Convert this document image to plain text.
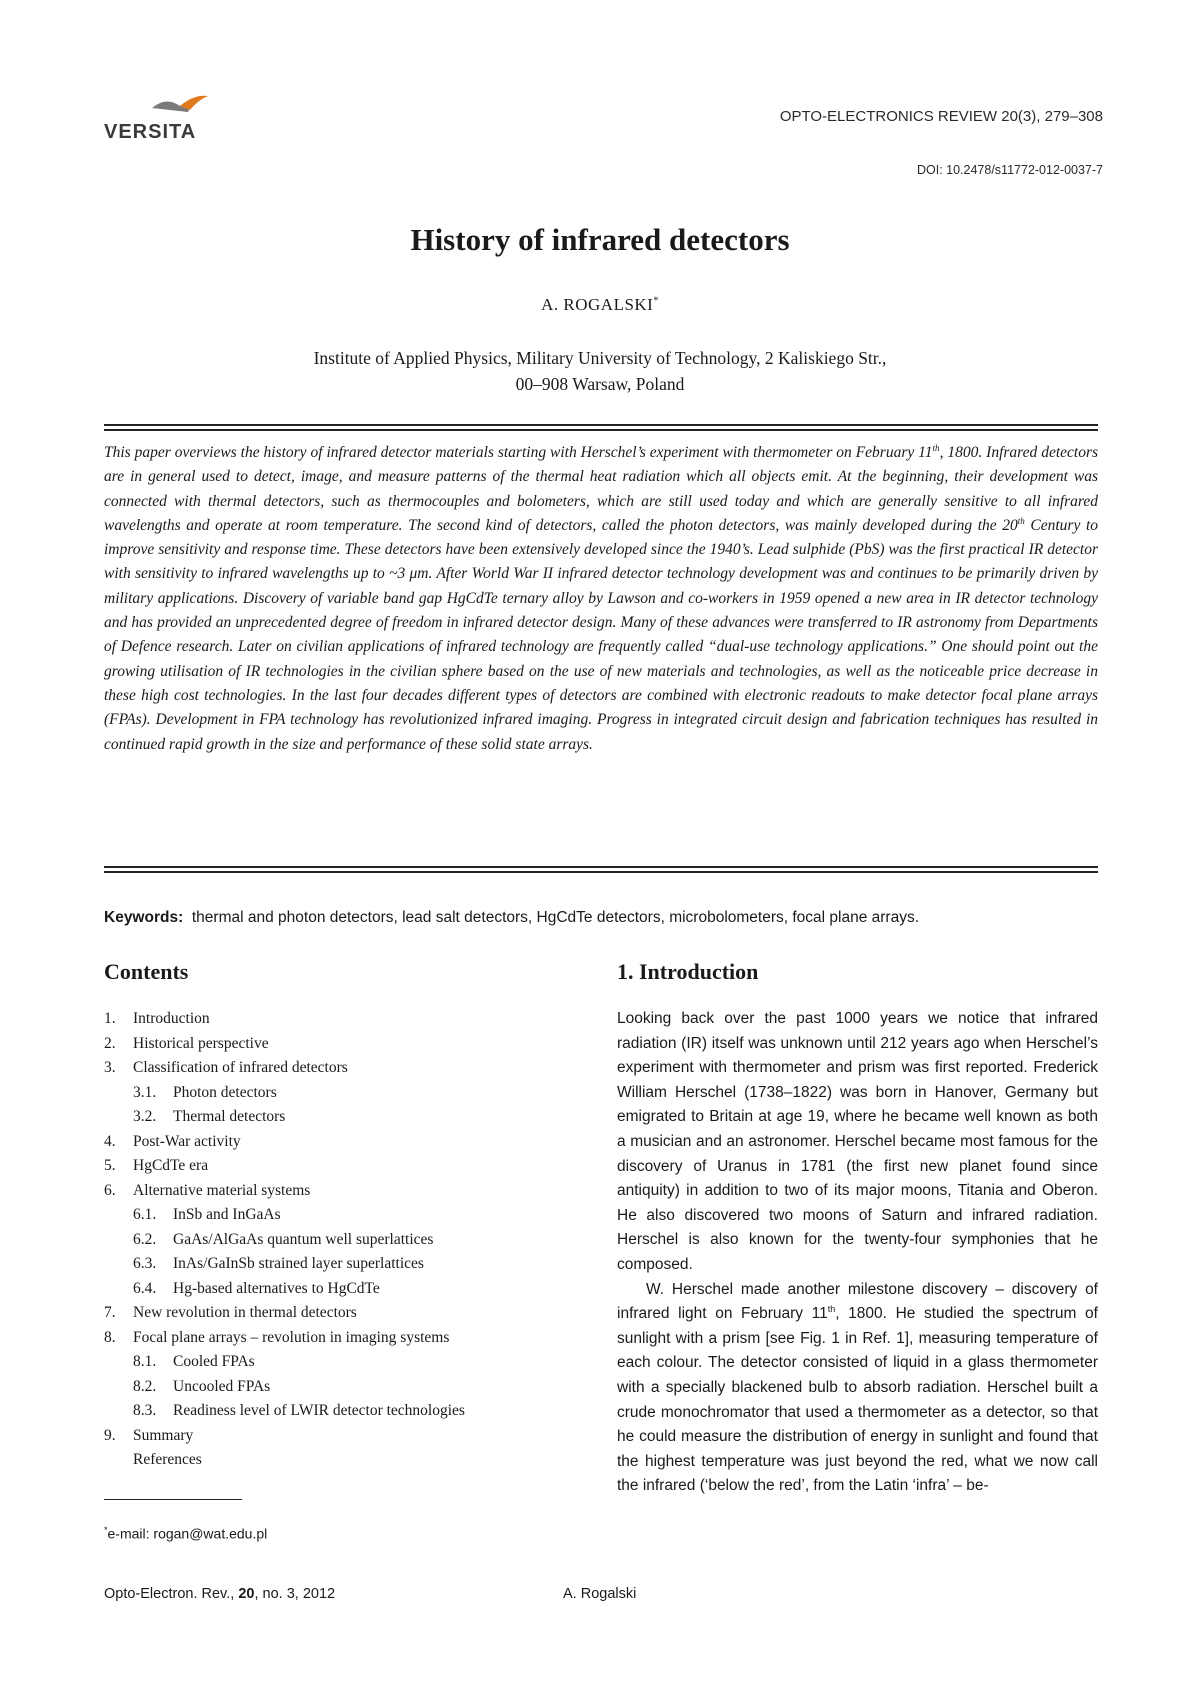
VERSITA
OPTO-ELECTRONICS REVIEW 20(3), 279–308
DOI: 10.2478/s11772-012-0037-7
History of infrared detectors
A. ROGALSKI*
Institute of Applied Physics, Military University of Technology, 2 Kaliskiego Str.,
00–908 Warsaw, Poland

This paper overviews the history of infrared detector materials starting with Herschel’s experiment with thermometer on February 11th, 1800. Infrared detectors are in general used to detect, image, and measure patterns of the thermal heat radiation which all objects emit. At the beginning, their development was connected with thermal detectors, such as thermocouples and bolometers, which are still used today and which are generally sensitive to all infrared wavelengths and operate at room temperature. The second kind of detectors, called the photon detectors, was mainly developed during the 20th Century to improve sensitivity and response time. These detectors have been extensively developed since the 1940’s. Lead sulphide (PbS) was the first practical IR detector with sensitivity to infrared wavelengths up to ~3 μm. After World War II infrared detector technology development was and continues to be primarily driven by military applications. Discovery of variable band gap HgCdTe ternary alloy by Lawson and co-workers in 1959 opened a new area in IR detector technology and has provided an unprecedented degree of freedom in infrared detector design. Many of these advances were transferred to IR astronomy from Departments of Defence research. Later on civilian applications of infrared technology are frequently called “dual-use technology applications.” One should point out the growing utilisation of IR technologies in the civilian sphere based on the use of new materials and technologies, as well as the noticeable price decrease in these high cost technologies. In the last four decades different types of detectors are combined with electronic readouts to make detector focal plane arrays (FPAs). Development in FPA technology has revolutionized infrared imaging. Progress in integrated circuit design and fabrication techniques has resulted in continued rapid growth in the size and performance of these solid state arrays.

Keywords: thermal and photon detectors, lead salt detectors, HgCdTe detectors, microbolometers, focal plane arrays.
Contents
1. Introduction
2. Historical perspective
3. Classification of infrared detectors
3.1. Photon detectors
3.2. Thermal detectors
4. Post-War activity
5. HgCdTe era
6. Alternative material systems
6.1. InSb and InGaAs
6.2. GaAs/AlGaAs quantum well superlattices
6.3. InAs/GaInSb strained layer superlattices
6.4. Hg-based alternatives to HgCdTe
7. New revolution in thermal detectors
8. Focal plane arrays – revolution in imaging systems
8.1. Cooled FPAs
8.2. Uncooled FPAs
8.3. Readiness level of LWIR detector technologies
9. Summary
References
1. Introduction

Looking back over the past 1000 years we notice that infrared radiation (IR) itself was unknown until 212 years ago when Herschel’s experiment with thermometer and prism was first reported. Frederick William Herschel (1738–1822) was born in Hanover, Germany but emigrated to Britain at age 19, where he became well known as both a musician and an astronomer. Herschel became most famous for the discovery of Uranus in 1781 (the first new planet found since antiquity) in addition to two of its major moons, Titania and Oberon. He also discovered two moons of Saturn and infrared radiation. Herschel is also known for the twenty-four symphonies that he composed.

W. Herschel made another milestone discovery – discovery of infrared light on February 11th, 1800. He studied the spectrum of sunlight with a prism [see Fig. 1 in Ref. 1], measuring temperature of each colour. The detector consisted of liquid in a glass thermometer with a specially blackened bulb to absorb radiation. Herschel built a crude monochromator that used a thermometer as a detector, so that he could measure the distribution of energy in sunlight and found that the highest temperature was just beyond the red, what we now call the infrared (‘below the red’, from the Latin ‘infra’ – be-

*e-mail: rogan@wat.edu.pl
Opto-Electron. Rev., 20, no. 3, 2012	A. Rogalski
